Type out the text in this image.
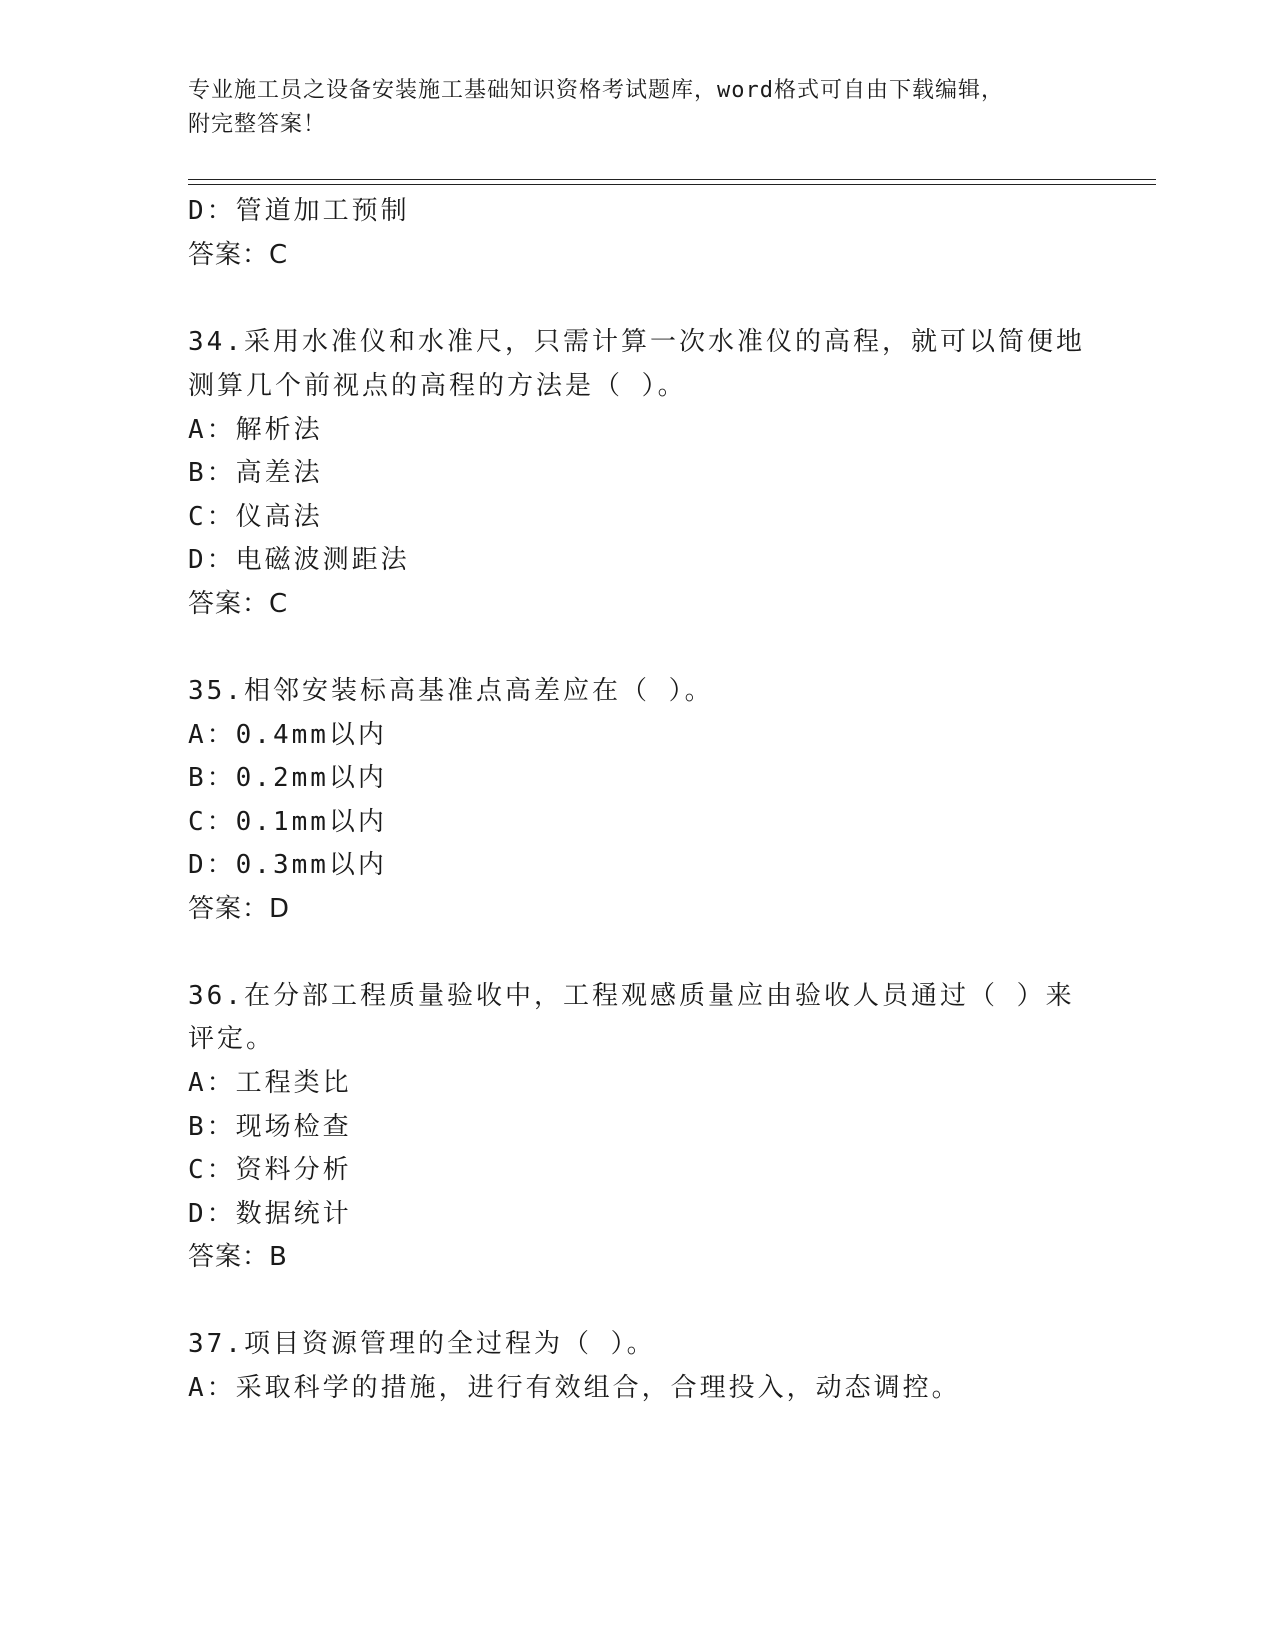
专业施工员之设备安装施工基础知识资格考试题库，word格式可自由下载编辑，
附完整答案！
D：管道加工预制
答案：C
34.采用水准仪和水准尺，只需计算一次水准仪的高程，就可以简便地
测算几个前视点的高程的方法是（ ）。
A：解析法
B：高差法
C：仪高法
D：电磁波测距法
答案：C
35.相邻安装标高基准点高差应在（ ）。
A：0.4mm以内
B：0.2mm以内
C：0.1mm以内
D：0.3mm以内
答案：D
36.在分部工程质量验收中，工程观感质量应由验收人员通过（ ）来
评定。
A：工程类比
B：现场检查
C：资料分析
D：数据统计
答案：B
37.项目资源管理的全过程为（ ）。
A：采取科学的措施，进行有效组合，合理投入，动态调控。
